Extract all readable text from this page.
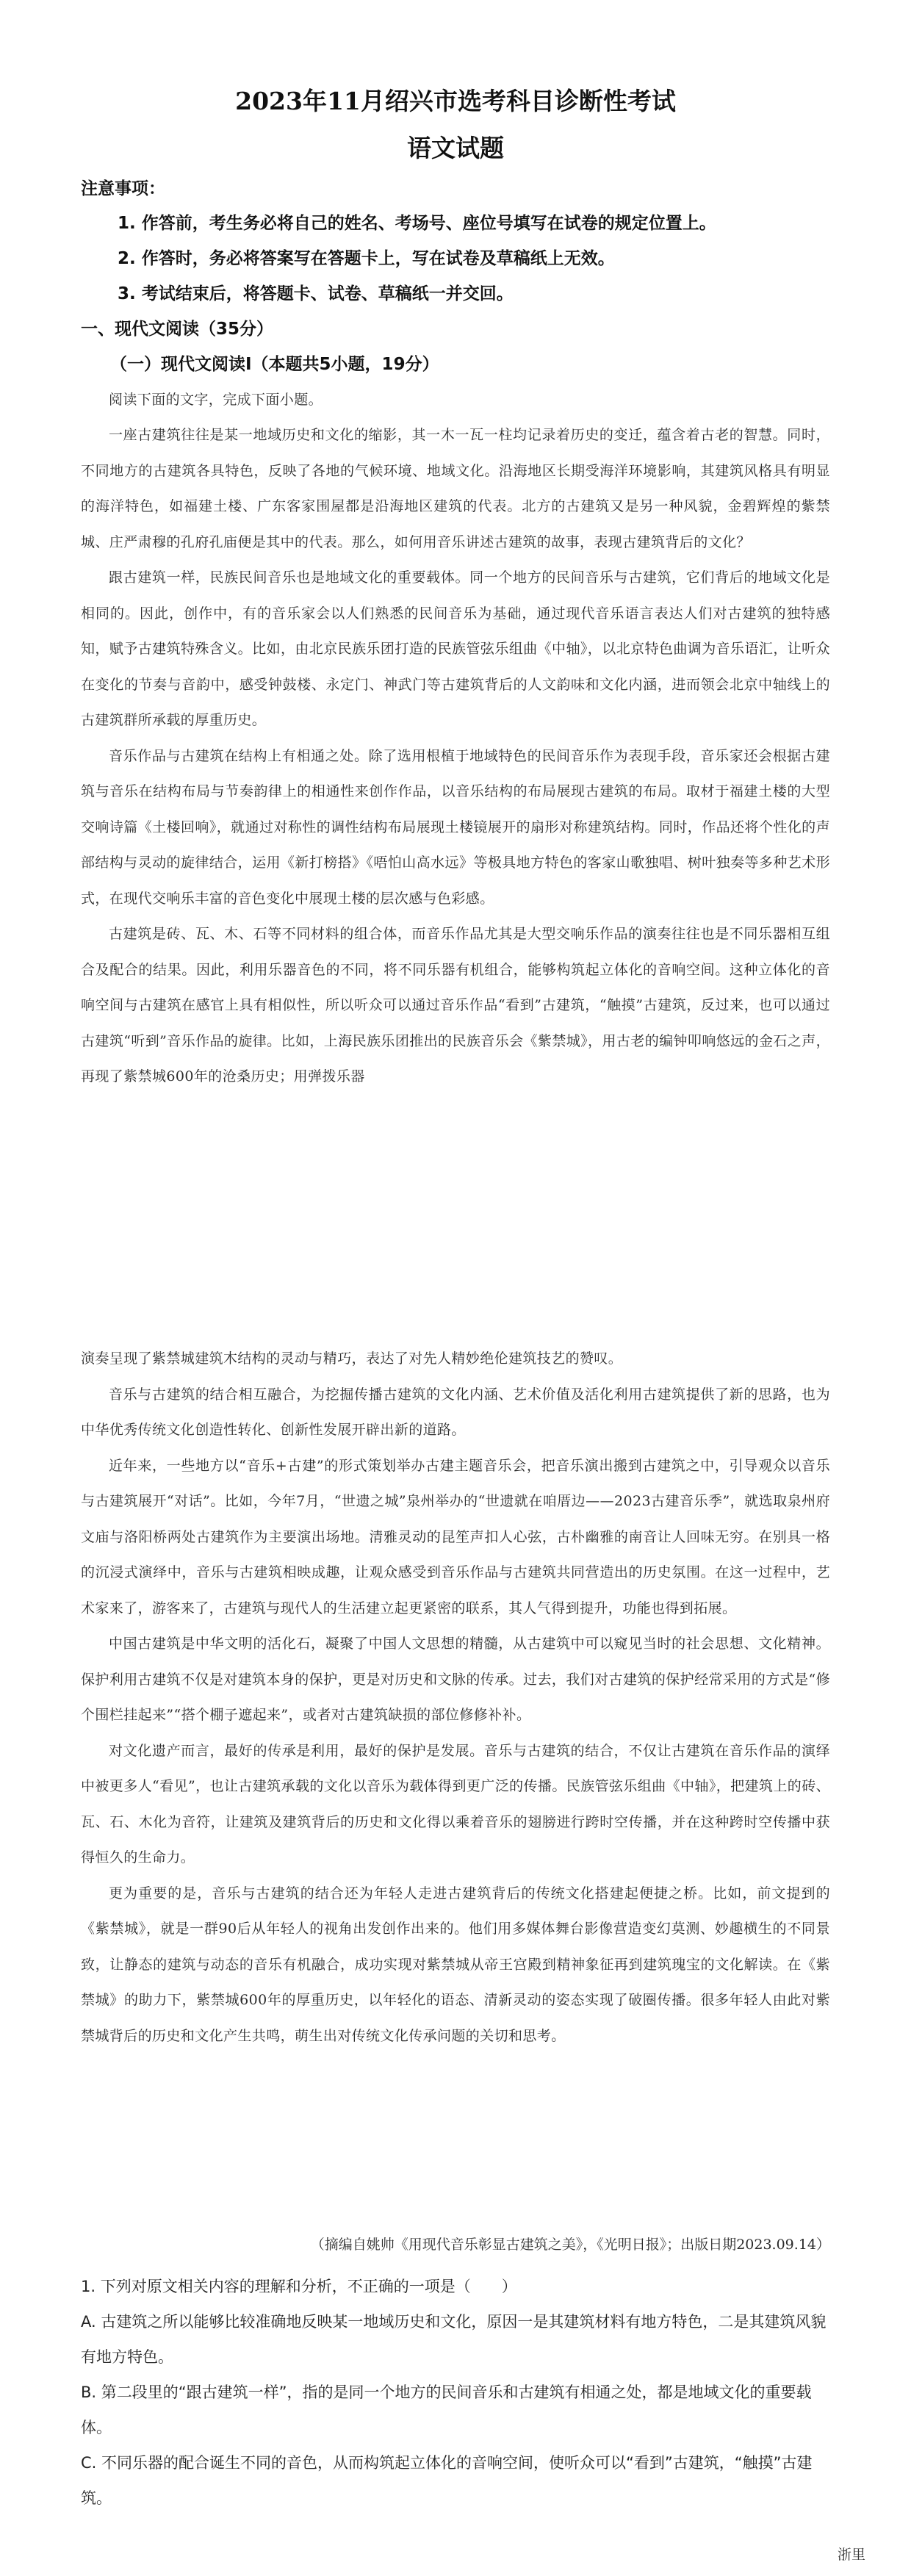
2023年11月绍兴市选考科目诊断性考试
语文试题
注意事项：
1. 作答前，考生务必将自己的姓名、考场号、座位号填写在试卷的规定位置上。
2. 作答时，务必将答案写在答题卡上，写在试卷及草稿纸上无效。
3. 考试结束后，将答题卡、试卷、草稿纸一并交回。
一、现代文阅读（35分）
（一）现代文阅读Ⅰ（本题共5小题，19分）

阅读下面的文字，完成下面小题。

一座古建筑往往是某一地域历史和文化的缩影，其一木一瓦一柱均记录着历史的变迁，蕴含着古老的智慧。同时，不同地方的古建筑各具特色，反映了各地的气候环境、地域文化。沿海地区长期受海洋环境影响，其建筑风格具有明显的海洋特色，如福建土楼、广东客家围屋都是沿海地区建筑的代表。北方的古建筑又是另一种风貌，金碧辉煌的紫禁城、庄严肃穆的孔府孔庙便是其中的代表。那么，如何用音乐讲述古建筑的故事，表现古建筑背后的文化？

跟古建筑一样，民族民间音乐也是地域文化的重要载体。同一个地方的民间音乐与古建筑，它们背后的地域文化是相同的。因此，创作中，有的音乐家会以人们熟悉的民间音乐为基础，通过现代音乐语言表达人们对古建筑的独特感知，赋予古建筑特殊含义。比如，由北京民族乐团打造的民族管弦乐组曲《中轴》，以北京特色曲调为音乐语汇，让听众在变化的节奏与音韵中，感受钟鼓楼、永定门、神武门等古建筑背后的人文韵味和文化内涵，进而领会北京中轴线上的古建筑群所承载的厚重历史。

音乐作品与古建筑在结构上有相通之处。除了选用根植于地域特色的民间音乐作为表现手段，音乐家还会根据古建筑与音乐在结构布局与节奏韵律上的相通性来创作作品，以音乐结构的布局展现古建筑的布局。取材于福建土楼的大型交响诗篇《土楼回响》，就通过对称性的调性结构布局展现土楼镜展开的扇形对称建筑结构。同时，作品还将个性化的声部结构与灵动的旋律结合，运用《新打榜搭》《唔怕山高水远》等极具地方特色的客家山歌独唱、树叶独奏等多种艺术形式，在现代交响乐丰富的音色变化中展现土楼的层次感与色彩感。

古建筑是砖、瓦、木、石等不同材料的组合体，而音乐作品尤其是大型交响乐作品的演奏往往也是不同乐器相互组合及配合的结果。因此，利用乐器音色的不同，将不同乐器有机组合，能够构筑起立体化的音响空间。这种立体化的音响空间与古建筑在感官上具有相似性，所以听众可以通过音乐作品“看到”古建筑，“触摸”古建筑，反过来，也可以通过古建筑“听到”音乐作品的旋律。比如，上海民族乐团推出的民族音乐会《紫禁城》，用古老的编钟叩响悠远的金石之声，再现了紫禁城600年的沧桑历史；用弹拨乐器

演奏呈现了紫禁城建筑木结构的灵动与精巧，表达了对先人精妙绝伦建筑技艺的赞叹。

音乐与古建筑的结合相互融合，为挖掘传播古建筑的文化内涵、艺术价值及活化利用古建筑提供了新的思路，也为中华优秀传统文化创造性转化、创新性发展开辟出新的道路。

近年来，一些地方以“音乐+古建”的形式策划举办古建主题音乐会，把音乐演出搬到古建筑之中，引导观众以音乐与古建筑展开“对话”。比如，今年7月，“世遗之城”泉州举办的“世遗就在咱厝边——2023古建音乐季”，就选取泉州府文庙与洛阳桥两处古建筑作为主要演出场地。清雅灵动的昆笙声扣人心弦，古朴幽雅的南音让人回味无穷。在别具一格的沉浸式演绎中，音乐与古建筑相映成趣，让观众感受到音乐作品与古建筑共同营造出的历史氛围。在这一过程中，艺术家来了，游客来了，古建筑与现代人的生活建立起更紧密的联系，其人气得到提升，功能也得到拓展。

中国古建筑是中华文明的活化石，凝聚了中国人文思想的精髓，从古建筑中可以窥见当时的社会思想、文化精神。保护利用古建筑不仅是对建筑本身的保护，更是对历史和文脉的传承。过去，我们对古建筑的保护经常采用的方式是“修个围栏挂起来”“搭个棚子遮起来”，或者对古建筑缺损的部位修修补补。

对文化遗产而言，最好的传承是利用，最好的保护是发展。音乐与古建筑的结合，不仅让古建筑在音乐作品的演绎中被更多人“看见”，也让古建筑承载的文化以音乐为载体得到更广泛的传播。民族管弦乐组曲《中轴》，把建筑上的砖、瓦、石、木化为音符，让建筑及建筑背后的历史和文化得以乘着音乐的翅膀进行跨时空传播，并在这种跨时空传播中获得恒久的生命力。

更为重要的是，音乐与古建筑的结合还为年轻人走进古建筑背后的传统文化搭建起便捷之桥。比如，前文提到的《紫禁城》，就是一群90后从年轻人的视角出发创作出来的。他们用多媒体舞台影像营造变幻莫测、妙趣横生的不同景致，让静态的建筑与动态的音乐有机融合，成功实现对紫禁城从帝王宫殿到精神象征再到建筑瑰宝的文化解读。在《紫禁城》的助力下，紫禁城600年的厚重历史，以年轻化的语态、清新灵动的姿态实现了破圈传播。很多年轻人由此对紫禁城背后的历史和文化产生共鸣，萌生出对传统文化传承问题的关切和思考。

（摘编自姚帅《用现代音乐彰显古建筑之美》，《光明日报》；出版日期2023.09.14）

1. 下列对原文相关内容的理解和分析，不正确的一项是（　　）

A. 古建筑之所以能够比较准确地反映某一地域历史和文化，原因一是其建筑材料有地方特色，二是其建筑风貌有地方特色。

B. 第二段里的“跟古建筑一样”，指的是同一个地方的民间音乐和古建筑有相通之处，都是地域文化的重要载体。

C. 不同乐器的配合诞生不同的音色，从而构筑起立体化的音响空间，使听众可以“看到”古建筑，“触摸”古建筑。

浙里
